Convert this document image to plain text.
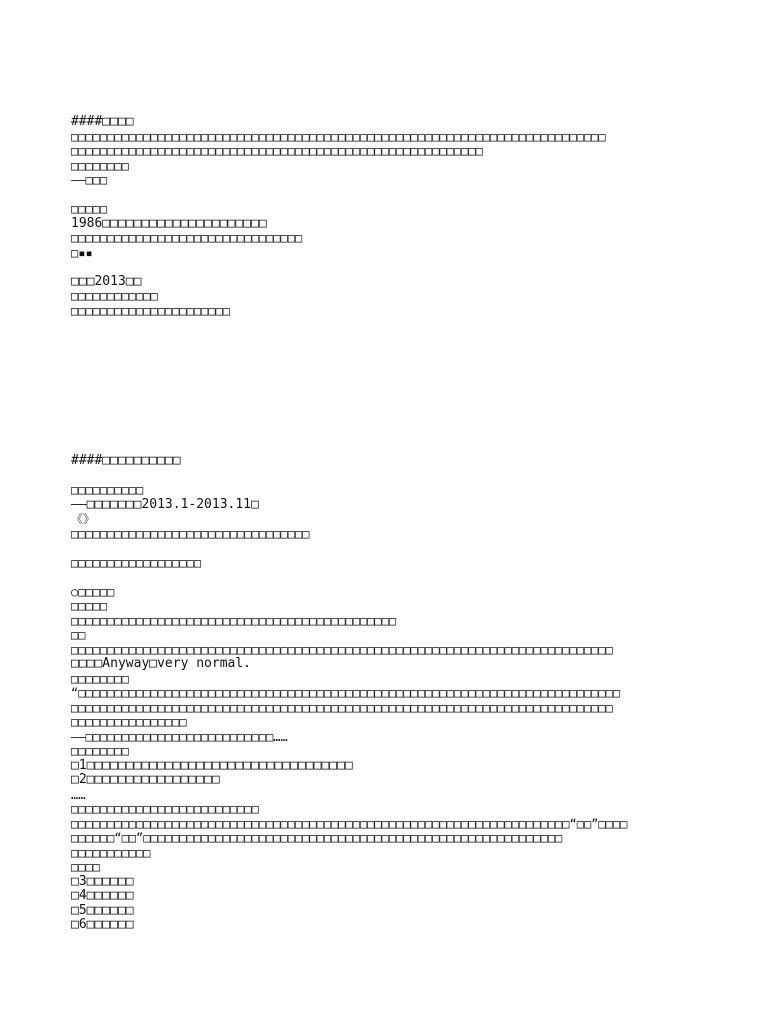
####□□□□
□□□□□□□□□□□□□□□□□□□□□□□□□□□□□□□□□□□□□□□□□□□□□□□□□□□□□□□□□□□□□□□□□□□□□□□□□□
□□□□□□□□□□□□□□□□□□□□□□□□□□□□□□□□□□□□□□□□□□□□□□□□□□□□□□□□□
□□□□□□□□
——□□□
□□□□□
1986□□□□□□□□□□□□□□□□□□□□□
□□□□□□□□□□□□□□□□□□□□□□□□□□□□□□□□
□▪▪
□□□2013□□
□□□□□□□□□□□□
□□□□□□□□□□□□□□□□□□□□□□
####□□□□□□□□□□
□□□□□□□□□□
——□□□□□□□2013.1-2013.11□
《》
□□□□□□□□□□□□□□□□□□□□□□□□□□□□□□□□□
□□□□□□□□□□□□□□□□□□
○□□□□□
□□□□□
□□□□□□□□□□□□□□□□□□□□□□□□□□□□□□□□□□□□□□□□□□□□□
□□
□□□□□□□□□□□□□□□□□□□□□□□□□□□□□□□□□□□□□□□□□□□□□□□□□□□□□□□□□□□□□□□□□□□□□□□□□□□
□□□□Anyway□very normal.
□□□□□□□□
“□□□□□□□□□□□□□□□□□□□□□□□□□□□□□□□□□□□□□□□□□□□□□□□□□□□□□□□□□□□□□□□□□□□□□□□□□□□
□□□□□□□□□□□□□□□□□□□□□□□□□□□□□□□□□□□□□□□□□□□□□□□□□□□□□□□□□□□□□□□□□□□□□□□□□□□
□□□□□□□□□□□□□□□□
——□□□□□□□□□□□□□□□□□□□□□□□□□□……
□□□□□□□□
□1□□□□□□□□□□□□□□□□□□□□□□□□□□□□□□□□□□
□2□□□□□□□□□□□□□□□□□
……
□□□□□□□□□□□□□□□□□□□□□□□□□□
□□□□□□□□□□□□□□□□□□□□□□□□□□□□□□□□□□□□□□□□□□□□□□□□□□□□□□□□□□□□□□□□□□□□□“□□”□□□□
□□□□□□“□□”□□□□□□□□□□□□□□□□□□□□□□□□□□□□□□□□□□□□□□□□□□□□□□□□□□□□□□□□□□
□□□□□□□□□□□
□□□□
□3□□□□□□
□4□□□□□□
□5□□□□□□
□6□□□□□□
